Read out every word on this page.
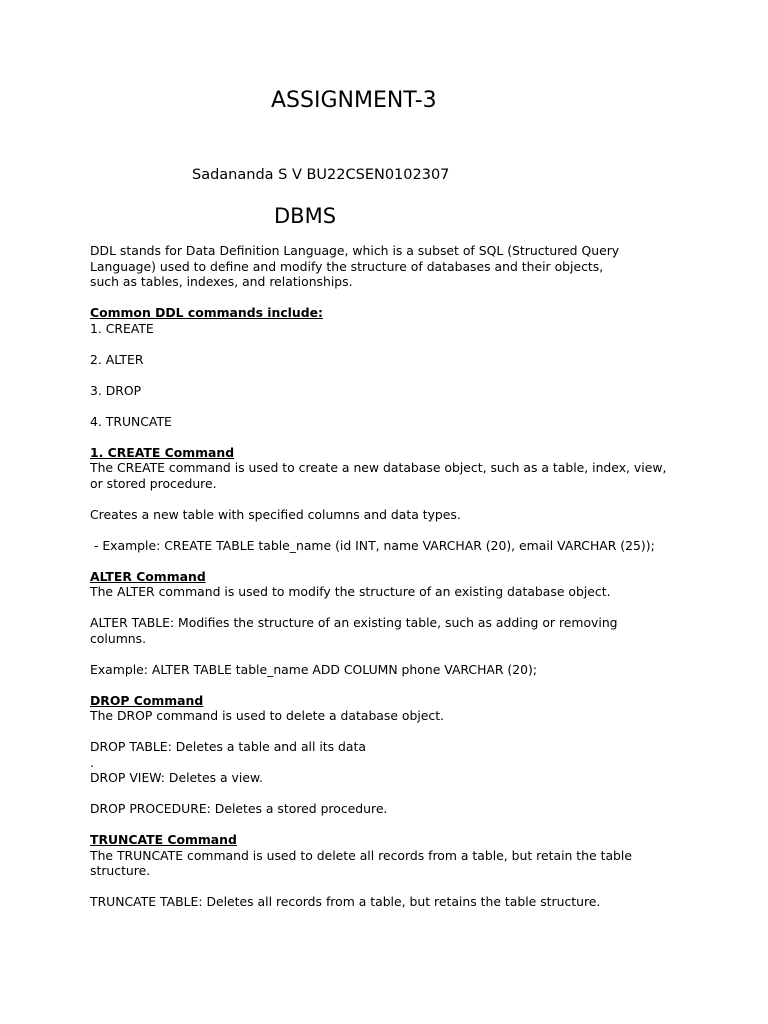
ASSIGNMENT-3
Sadananda S V BU22CSEN0102307
DBMS

DDL stands for Data Definition Language, which is a subset of SQL (Structured Query

Language) used to define and modify the structure of databases and their objects,

such as tables, indexes, and relationships.

Common DDL commands include:

1. CREATE

2. ALTER

3. DROP

4. TRUNCATE

1. CREATE Command

The CREATE command is used to create a new database object, such as a table, index, view,

or stored procedure.

Creates a new table with specified columns and data types.

- Example: CREATE TABLE table_name (id INT, name VARCHAR (20), email VARCHAR (25));

ALTER Command

The ALTER command is used to modify the structure of an existing database object.

ALTER TABLE: Modifies the structure of an existing table, such as adding or removing

columns.

Example: ALTER TABLE table_name ADD COLUMN phone VARCHAR (20);

DROP Command

The DROP command is used to delete a database object.

DROP TABLE: Deletes a table and all its data

.

DROP VIEW: Deletes a view.

DROP PROCEDURE: Deletes a stored procedure.

TRUNCATE Command

The TRUNCATE command is used to delete all records from a table, but retain the table

structure.

TRUNCATE TABLE: Deletes all records from a table, but retains the table structure.
